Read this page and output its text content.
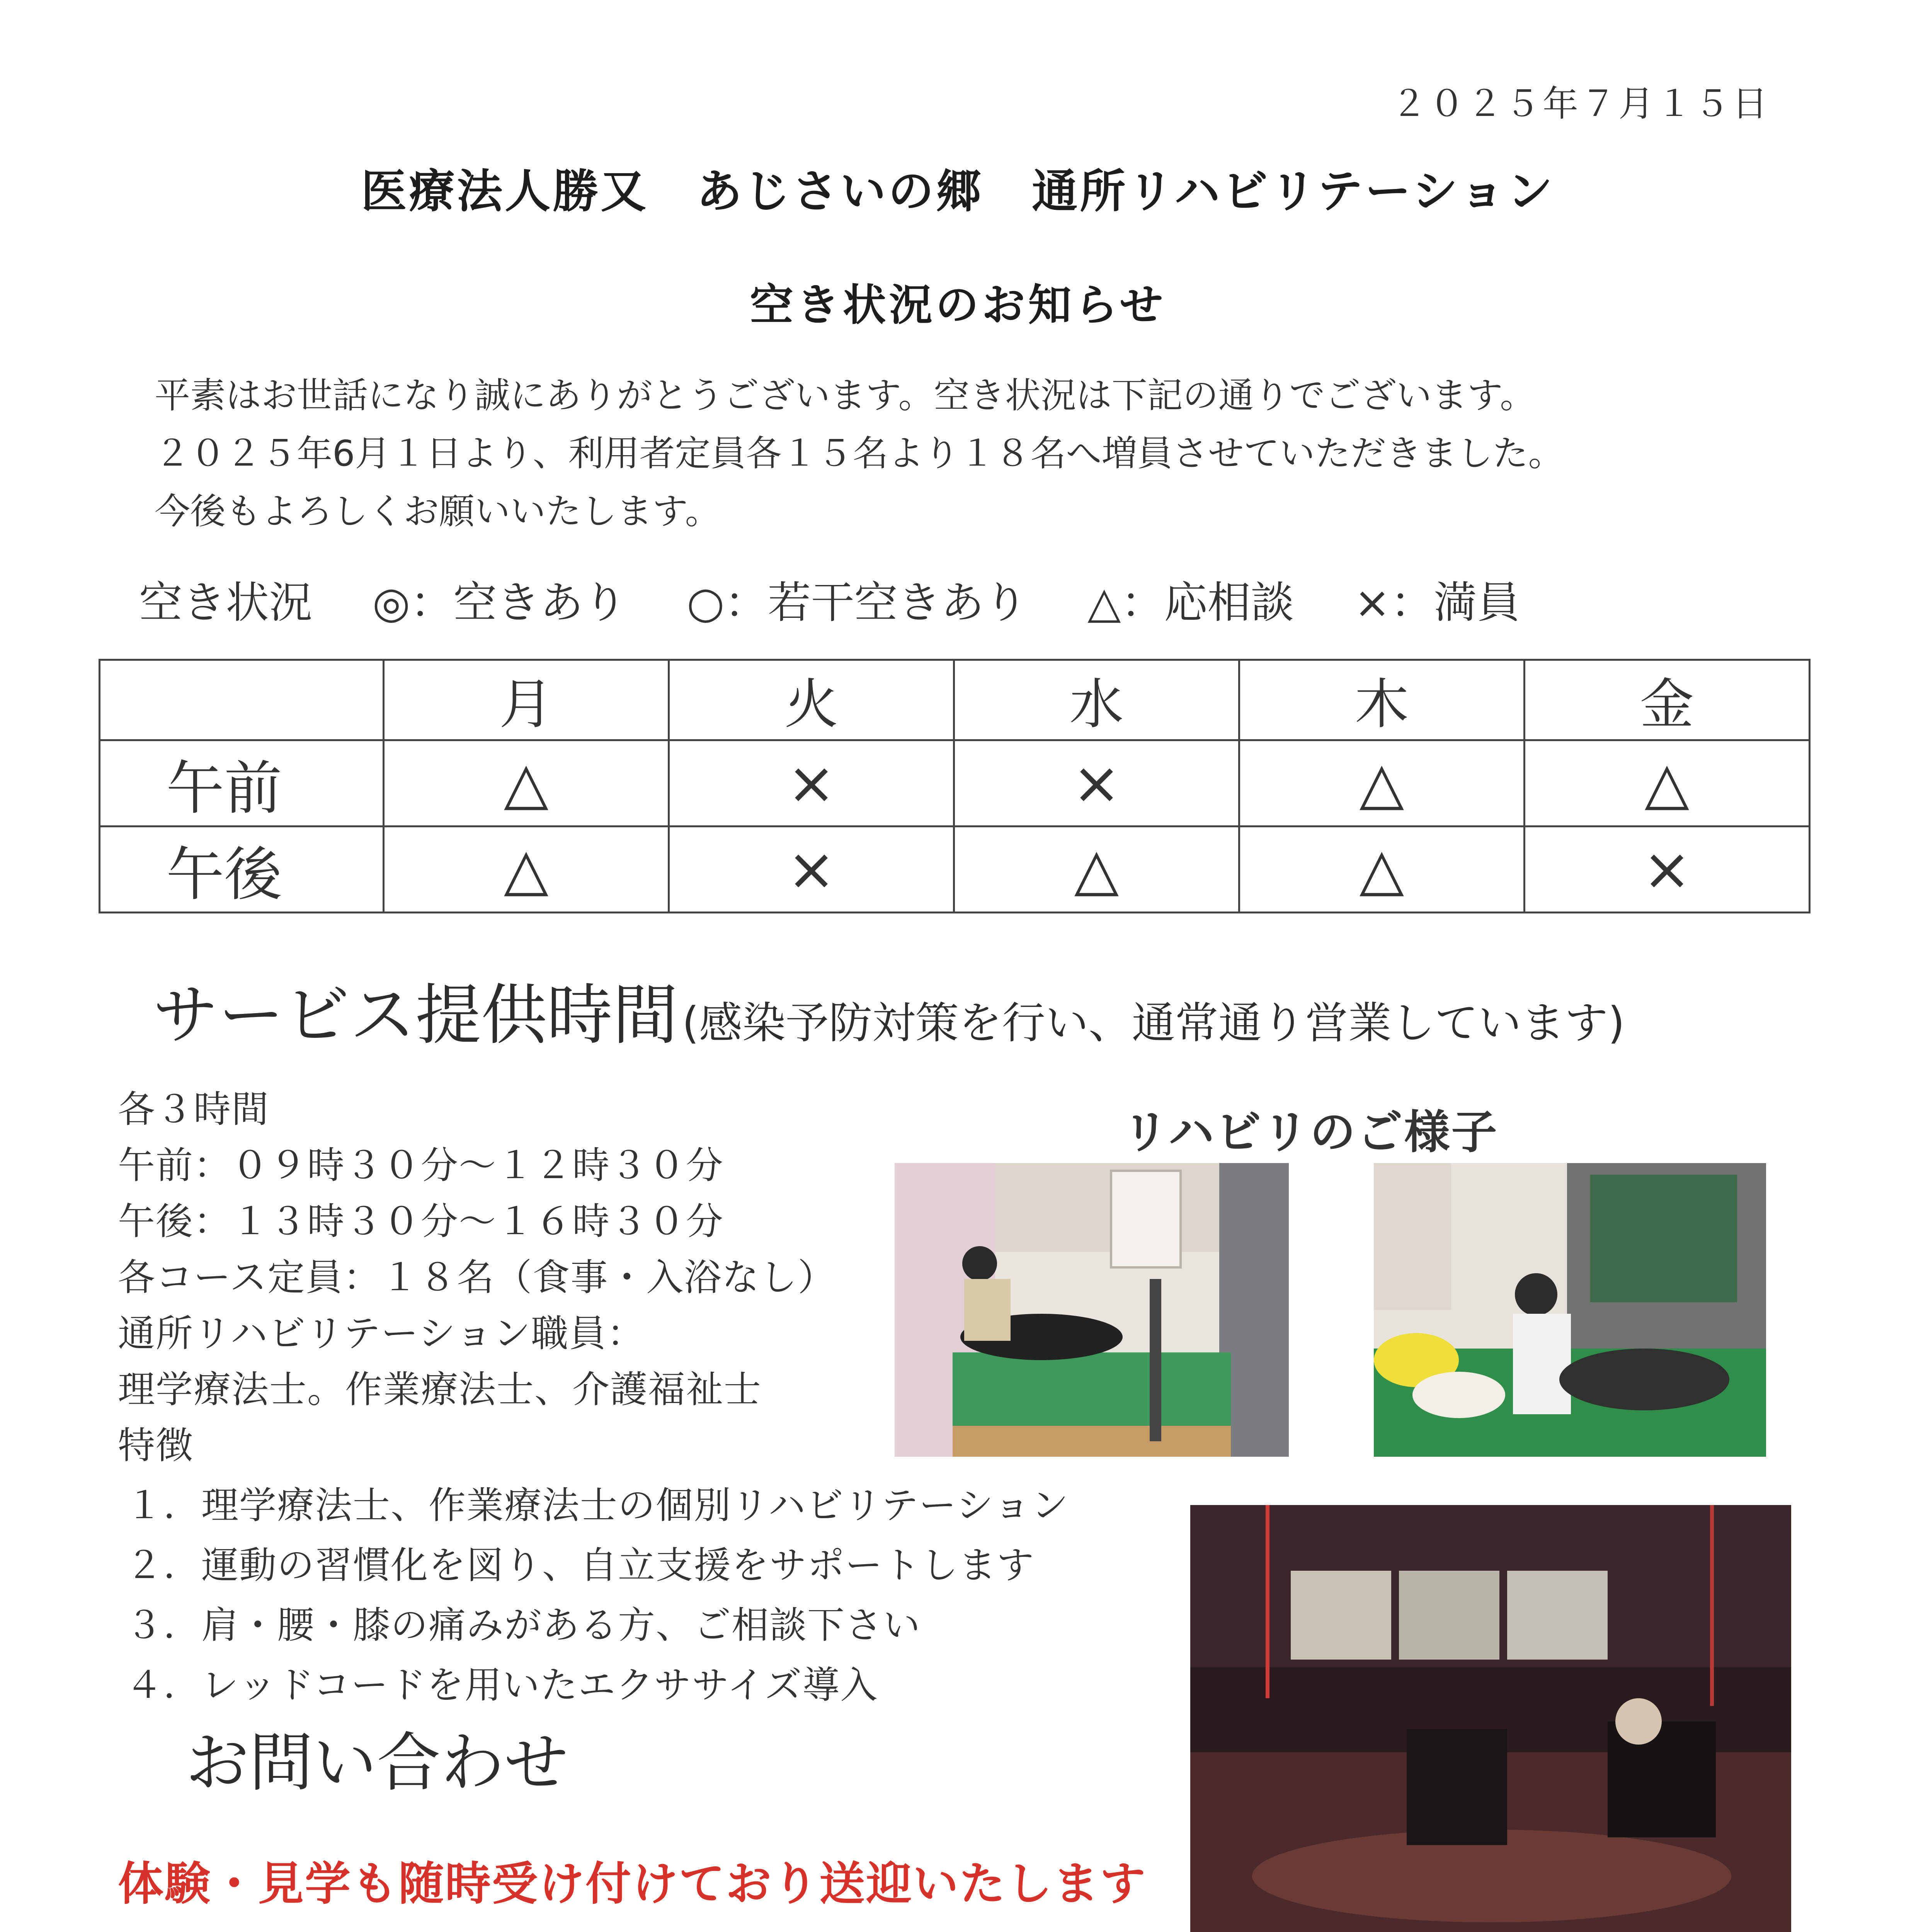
２０２５年７月１５日
医療法人勝又　あじさいの郷　通所リハビリテーション
空き状況のお知らせ
平素はお世話になり誠にありがとうございます。空き状況は下記の通りでございます。
２０２５年6月１日より、利用者定員各１５名より１８名へ増員させていただきました。
今後もよろしくお願いいたします。
空き状況 ◎：空きあり ○：若干空きあり △：応相談 ×：満員
	月	火	水	木	金
午前	△	×	×	△	△
午後	△	×	△	△	×
サービス提供時間(感染予防対策を行い、通常通り営業しています)
各３時間
午前：０９時３０分～１２時３０分
午後：１３時３０分～１６時３０分
各コース定員：１８名（食事・入浴なし）
通所リハビリテーション職員：
理学療法士。作業療法士、介護福祉士
特徴
１．理学療法士、作業療法士の個別リハビリテーション
２．運動の習慣化を図り、自立支援をサポートします
３．肩・腰・膝の痛みがある方、ご相談下さい
４．レッドコードを用いたエクササイズ導入
リハビリのご様子
お問い合わせ
体験・見学も随時受け付けており送迎いたします
